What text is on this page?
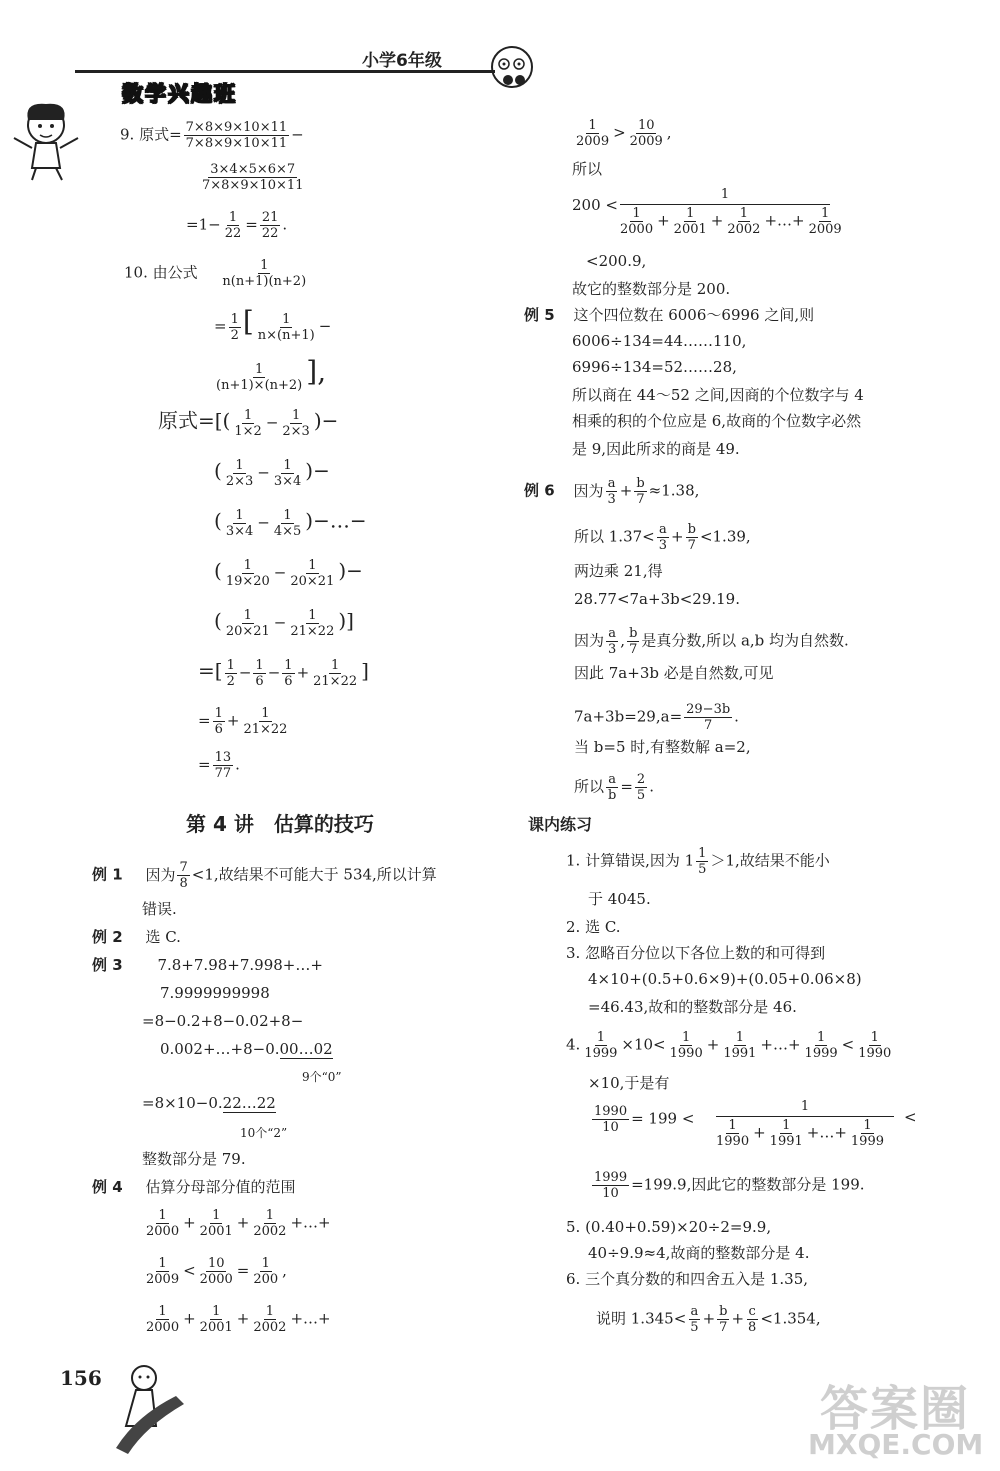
小学6年级
数学兴趣班
9. 原式= $\frac{7\times 8\times 9\times 10\times 11}{7\times 8\times 9\times 10\times 11}$ −
$\frac{3\times 4\times 5\times 6\times 7}{7\times 8\times 9\times 10\times 11}$
$=1- \frac{1}{22} = \frac{21}{22}$ .
10. 由公式 $\frac{1}{n(n+1)(n+2)}$
= $\frac{1}{2}$ [ $\frac{1}{n\times(n+1)}$ −
$\frac{1}{(n+1)\times(n+2)}$ ],
原式=[( $\frac{1}{1\times 2} - \frac{1}{2\times 3}$ )−
( $\frac{1}{2\times 3} - \frac{1}{3\times 4}$ )−
( $\frac{1}{3\times 4} - \frac{1}{4\times 5}$ )−…−
( $\frac{1}{19\times 20} - \frac{1}{20\times 21}$ )−
( $\frac{1}{20\times 21} - \frac{1}{21\times 22}$ )]
=[ $\frac{1}{2} - \frac{1}{6} - \frac{1}{6} + \frac{1}{21\times 22}$ ]
= $\frac{1}{6} + \frac{1}{21\times 22}$
= $\frac{13}{77}$ .
第 4 讲　估算的技巧
例 1 因为 $\frac{7}{8} <1$,故结果不可能大于 534,所以计算
错误.
例 2 选 C.
例 3 7.8+7.98+7.998+…+
7.9999999998
=8−0.2+8−0.02+8−
0.002+…+8−0.00…02
9个“0”
=8×10−0.22…22
10个“2”
整数部分是 79.
例 4 估算分母部分值的范围
$\frac{1}{2000} + \frac{1}{2001} + \frac{1}{2002}$ +…+
$\frac{1}{2009} < \frac{10}{2000} = \frac{1}{200}$ ,
$\frac{1}{2000} + \frac{1}{2001} + \frac{1}{2002}$ +…+
156
$\frac{1}{2009} > \frac{10}{2009}$ ,
所以
200 <
1
$\frac{1}{2000} + \frac{1}{2001} + \frac{1}{2002}$ +…+ $\frac{1}{2009}$
<200.9,
故它的整数部分是 200.
例 5 这个四位数在 6006～6996 之间,则
6006÷134=44……110,
6996÷134=52……28,
所以商在 44～52 之间,因商的个位数字与 4
相乘的积的个位应是 6,故商的个位数字必然
是 9,因此所求的商是 49.
例 6 因为 $\frac{a}{3} + \frac{b}{7} \approx 1.38$,
所以 $1.37< \frac{a}{3} + \frac{b}{7} <1.39$,
两边乘 21,得
28.77<7a+3b<29.19.
因为 $\frac{a}{3}$ , $\frac{b}{7}$ 是真分数,所以 a,b 均为自然数.
因此 7a+3b 必是自然数,可见
$7a+3b=29,a= \frac{29-3b}{7}$ .
当 b=5 时,有整数解 a=2,
所以 $\frac{a}{b} = \frac{2}{5}$ .
课内练习
1. 计算错误,因为 $1 \frac{1}{5} >1$,故结果不能小
于 4045.
2. 选 C.
3. 忽略百分位以下各位上数的和可得到
4×10+(0.5+0.6×9)+(0.05+0.06×8)
=46.43,故和的整数部分是 46.
4. $\frac{1}{1999} \times 10< \frac{1}{1990} + \frac{1}{1991}$ +…+ $\frac{1}{1999} < \frac{1}{1990}$
×10,于是有
$\frac{1990}{10} = 199$ <
1
$\frac{1}{1990} + \frac{1}{1991}$ +…+ $\frac{1}{1999}$
<
$\frac{1999}{10} =199.9$,因此它的整数部分是 199.
5. (0.40+0.59)×20÷2=9.9,
40÷9.9≈4,故商的整数部分是 4.
6. 三个真分数的和四舍五入是 1.35,
说明 $1.345< \frac{a}{5} + \frac{b}{7} + \frac{c}{8} <1.354$,
答案圈
MXQE.COM
